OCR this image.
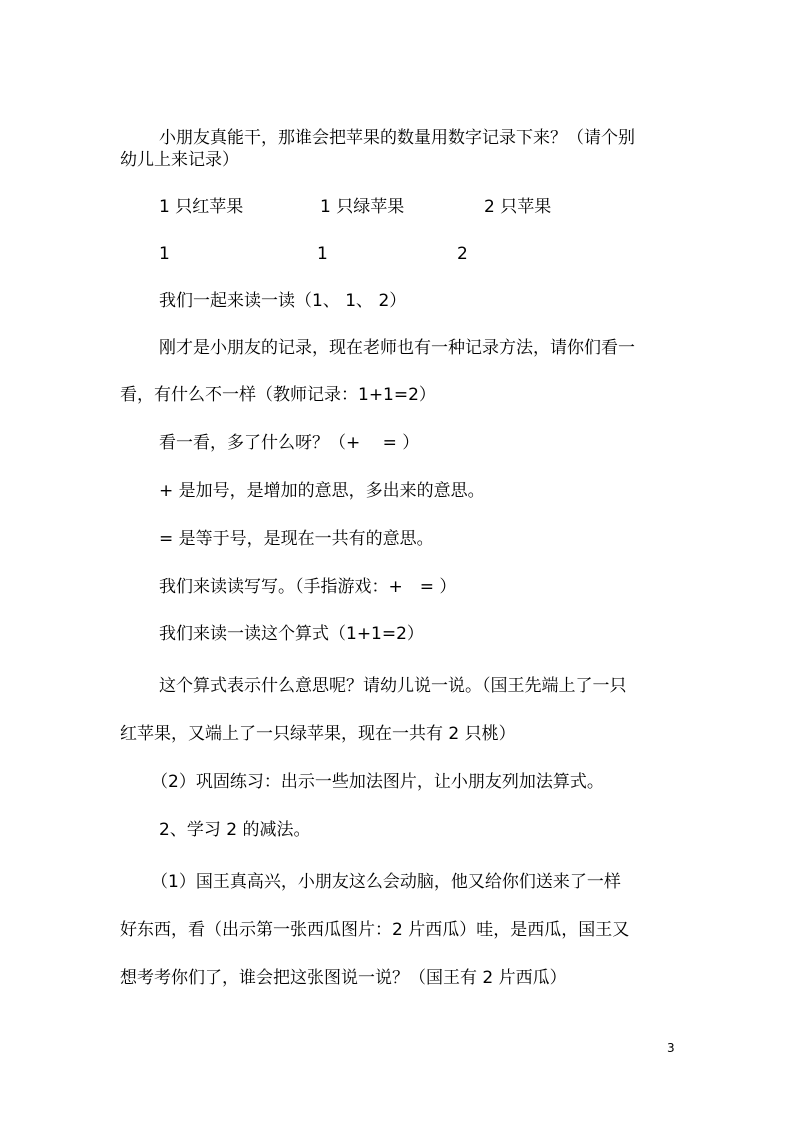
小朋友真能干，那谁会把苹果的数量用数字记录下来？（请个别
幼儿上来记录）
1 只红苹果	1 只绿苹果	2 只苹果
1	1	2
我们一起来读一读（1、 1、 2）
刚才是小朋友的记录，现在老师也有一种记录方法，请你们看一
看，有什么不一样（教师记录：1+1=2）
看一看，多了什么呀？（+　 = ）
+ 是加号，是增加的意思，多出来的意思。
= 是等于号，是现在一共有的意思。
我们来读读写写。（手指游戏：+　= ）
我们来读一读这个算式（1+1=2）
这个算式表示什么意思呢？请幼儿说一说。（国王先端上了一只
红苹果，又端上了一只绿苹果，现在一共有 2 只桃）
（2）巩固练习：出示一些加法图片，让小朋友列加法算式。
2、学习 2 的减法。
（1）国王真高兴，小朋友这么会动脑，他又给你们送来了一样
好东西，看（出示第一张西瓜图片：2 片西瓜）哇，是西瓜，国王又
想考考你们了，谁会把这张图说一说？（国王有 2 片西瓜）
3
